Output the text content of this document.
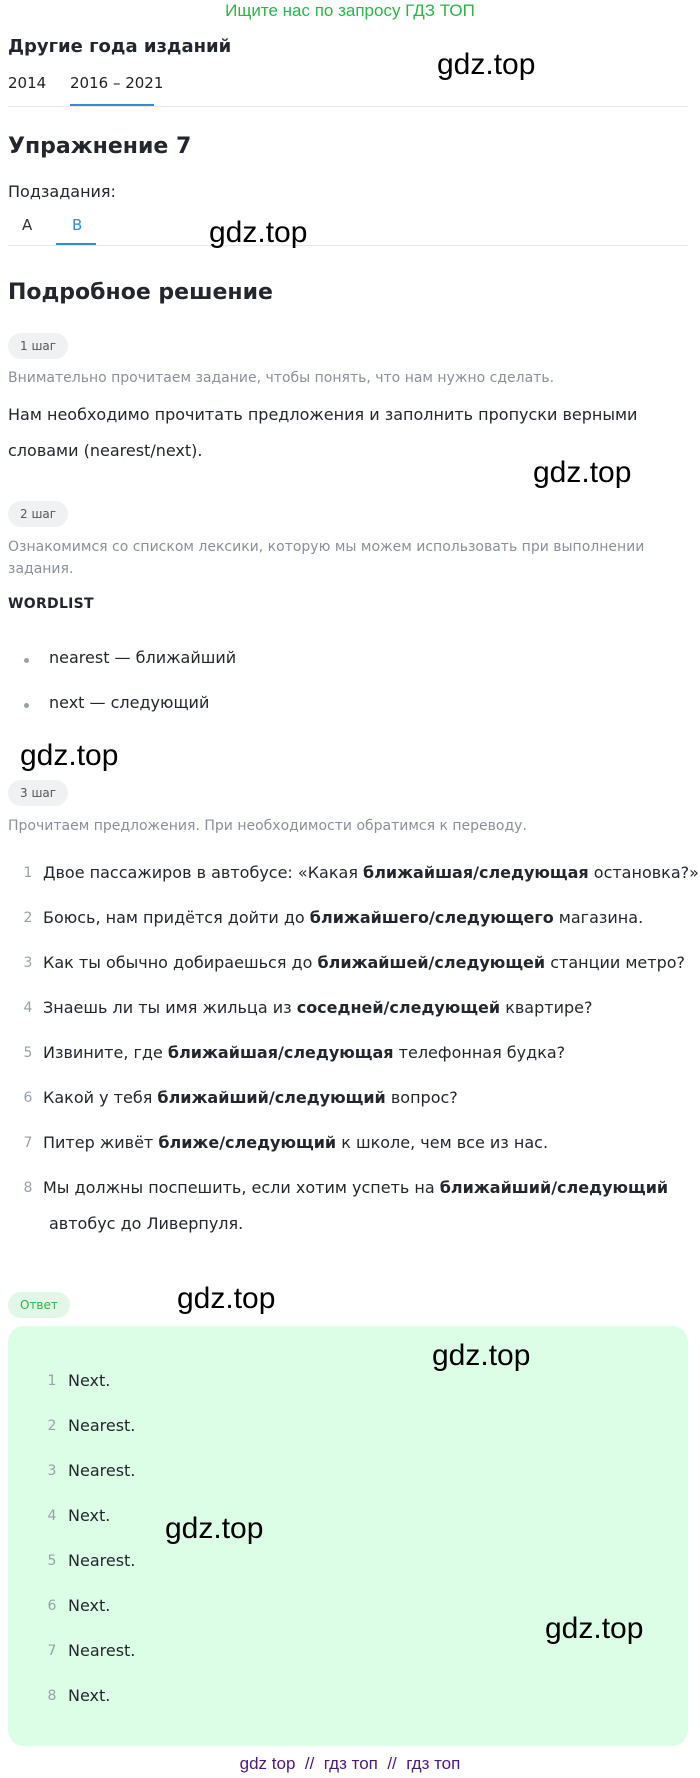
Ищите нас по запросу ГДЗ ТОП
Другие года изданий
2014 2016 – 2021
Упражнение 7
Подзадания:
A	B
Подробное решение
1 шаг
Внимательно прочитаем задание, чтобы понять, что нам нужно сделать.
Нам необходимо прочитать предложения и заполнить пропуски верными
словами (nearest/next).
2 шаг
Ознакомимся со списком лексики, которую мы можем использовать при выполнении
задания.
WORDLIST
nearest — ближайший
next — следующий
3 шаг
Прочитаем предложения. При необходимости обратимся к переводу.
1 Двое пассажиров в автобусе: «Какая ближайшая/следующая остановка?»
2 Боюсь, нам придётся дойти до ближайшего/следующего магазина.
3 Как ты обычно добираешься до ближайшей/следующей станции метро?
4 Знаешь ли ты имя жильца из соседней/следующей квартире?
5 Извините, где ближайшая/следующая телефонная будка?
6 Какой у тебя ближайший/следующий вопрос?
7 Питер живёт ближе/следующий к школе, чем все из нас.
8 Мы должны поспешить, если хотим успеть на ближайший/следующий
автобус до Ливерпуля.
Ответ
1 Next.
2 Nearest.
3 Nearest.
4 Next.
5 Nearest.
6 Next.
7 Nearest.
8 Next.
gdz.top
gdz.top
gdz.top
gdz.top
gdz.top
gdz.top
gdz.top
gdz.top
gdz top  //  гдз топ  //  гдз топ
